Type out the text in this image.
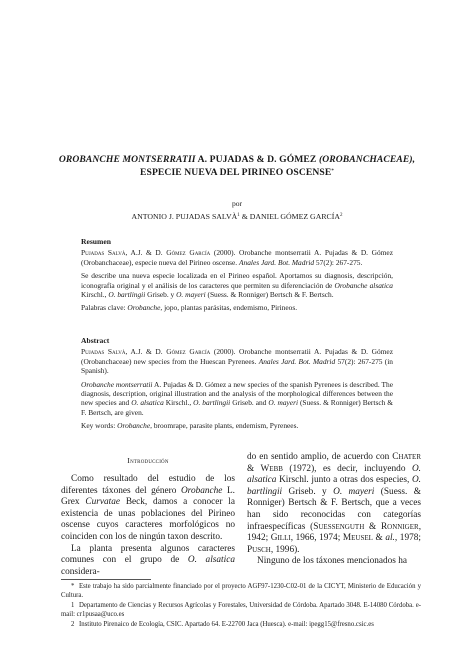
OROBANCHE MONTSERRATII A. PUJADAS & D. GÓMEZ (OROBANCHACEAE),
ESPECIE NUEVA DEL PIRINEO OSCENSE*
por
ANTONIO J. PUJADAS SALVÀ$^1$ & DANIEL GÓMEZ GARCÍA$^2$
Resumen

Pujadas Salvà, A.J. & D. Gómez García (2000). Orobanche montserratii A. Pujadas & D. Gómez (Orobanchaceae), especie nueva del Pirineo oscense. Anales Jard. Bot. Madrid 57(2): 267-275.

Se describe una nueva especie localizada en el Pirineo español. Aportamos su diagnosis, descripción, iconografía original y el análisis de los caracteres que permiten su diferenciación de Orobanche alsatica Kirschl., O. bartlingii Griseb. y O. mayeri (Suess. & Ronniger) Bertsch & F. Bertsch.

Palabras clave: Orobanche, jopo, plantas parásitas, endemismo, Pirineos.

Abstract

Pujadas Salvà, A.J. & D. Gómez García (2000). Orobanche montserratii A. Pujadas & D. Gómez (Orobanchaceae) new species from the Huescan Pyrenees. Anales Jard. Bot. Madrid 57(2): 267-275 (in Spanish).

Orobanche montserratii A. Pujadas & D. Gómez a new species of the spanish Pyrenees is described. The diagnosis, description, original illustration and the analysis of the morphological differences between the new species and O. alsatica Kirschl., O. bartlingii Griseb. and O. mayeri (Suess. & Ronniger) Bertsch & F. Bertsch, are given.

Key words: Orobanche, broomrape, parasite plants, endemism, Pyrenees.

Introducción

Como resultado del estudio de los diferentes táxones del género Orobanche L. Grex Curvatae Beck, damos a conocer la existencia de unas poblaciones del Pirineo oscense cuyos caracteres morfológicos no coinciden con los de ningún taxon descrito.

La planta presenta algunos caracteres comunes con el grupo de O. alsatica considera-

do en sentido amplio, de acuerdo con Chater & Webb (1972), es decir, incluyendo O. alsatica Kirschl. junto a otras dos especies, O. bartlingii Griseb. y O. mayeri (Suess. & Ronniger) Bertsch & F. Bertsch, que a veces han sido reconocidas con categorías infraespecíficas (Suessenguth & Ronniger, 1942; Gilli, 1966, 1974; Meusel & al., 1978; Pusch, 1996).

Ninguno de los táxones mencionados ha

* Este trabajo ha sido parcialmente financiado por el proyecto AGF97-1230-C02-01 de la CICYT, Ministerio de Educación y Cultura.

1 Departamento de Ciencias y Recursos Agrícolas y Forestales, Universidad de Córdoba. Apartado 3048. E-14080 Córdoba. e-mail: cr1pusaa@uco.es

2 Instituto Pirenaico de Ecología, CSIC. Apartado 64. E-22700 Jaca (Huesca). e-mail: ipegg15@fresno.csic.es
